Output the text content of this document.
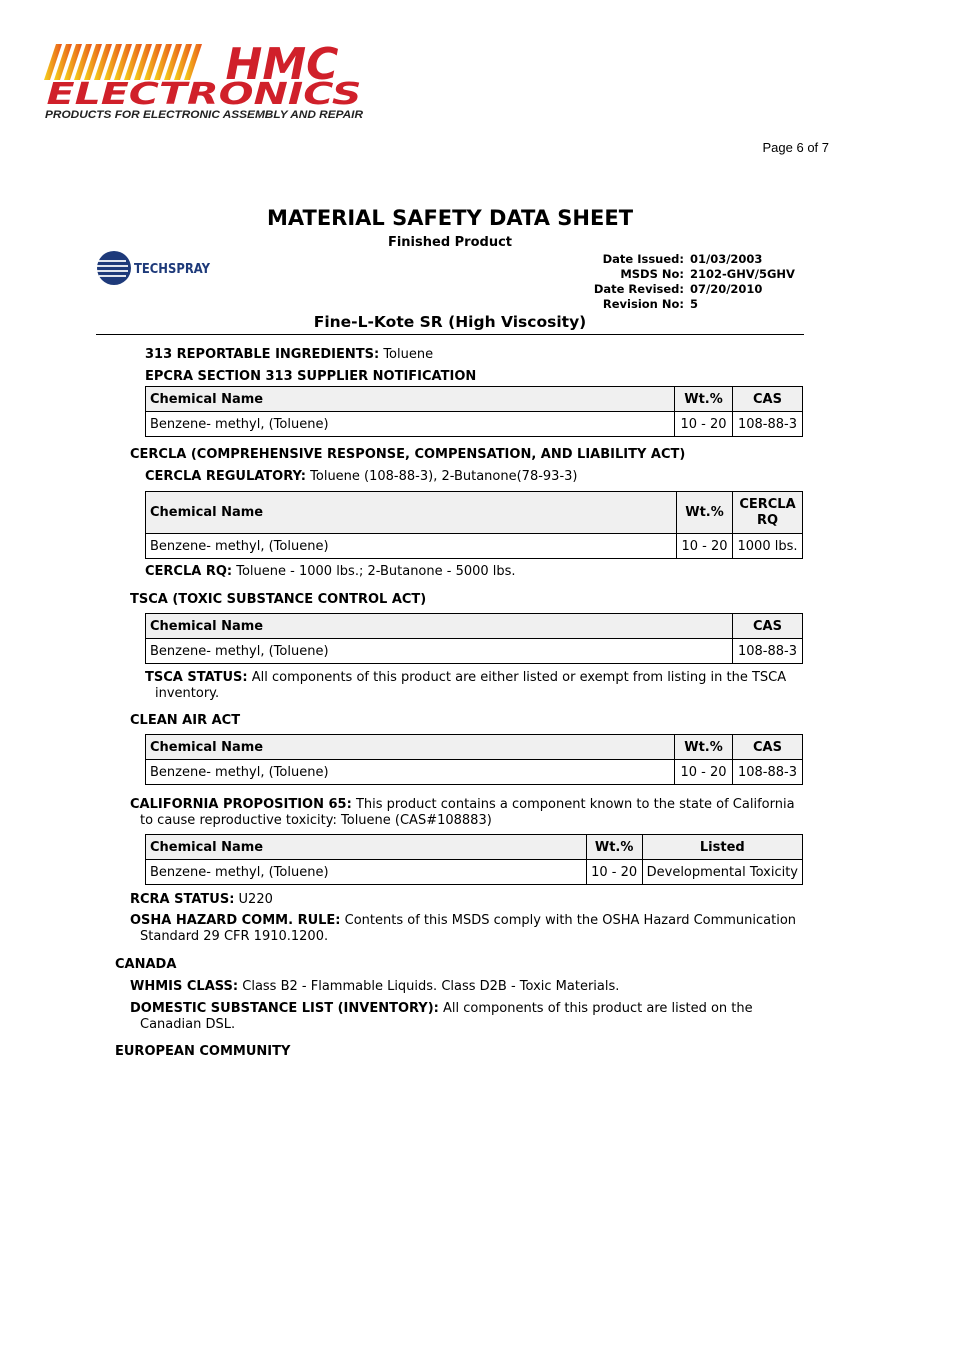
HMC
ELECTRONICS
PRODUCTS FOR ELECTRONIC ASSEMBLY AND REPAIR
Page 6 of 7
MATERIAL SAFETY DATA SHEET
Finished Product
TECHSPRAY
Date Issued: 01/03/2003
MSDS No: 2102-GHV/5GHV
Date Revised: 07/20/2010
Revision No: 5
Fine-L-Kote SR (High Viscosity)
313 REPORTABLE INGREDIENTS: Toluene
EPCRA SECTION 313 SUPPLIER NOTIFICATION
Chemical Name	Wt.%	CAS
Benzene- methyl, (Toluene)	10 - 20	108-88-3
CERCLA (COMPREHENSIVE RESPONSE, COMPENSATION, AND LIABILITY ACT)
CERCLA REGULATORY: Toluene (108-88-3), 2-Butanone(78-93-3)
Chemical Name	Wt.%	CERCLA
RQ
Benzene- methyl, (Toluene)	10 - 20	1000 lbs.
CERCLA RQ: Toluene - 1000 lbs.; 2-Butanone - 5000 lbs.
TSCA (TOXIC SUBSTANCE CONTROL ACT)
Chemical Name	CAS
Benzene- methyl, (Toluene)	108-88-3
TSCA STATUS: All components of this product are either listed or exempt from listing in the TSCA
inventory.
CLEAN AIR ACT
Chemical Name	Wt.%	CAS
Benzene- methyl, (Toluene)	10 - 20	108-88-3
CALIFORNIA PROPOSITION 65: This product contains a component known to the state of California
to cause reproductive toxicity: Toluene (CAS#108883)
Chemical Name	Wt.%	Listed
Benzene- methyl, (Toluene)	10 - 20	Developmental Toxicity
RCRA STATUS: U220
OSHA HAZARD COMM. RULE: Contents of this MSDS comply with the OSHA Hazard Communication
Standard 29 CFR 1910.1200.
CANADA
WHMIS CLASS: Class B2 - Flammable Liquids. Class D2B - Toxic Materials.
DOMESTIC SUBSTANCE LIST (INVENTORY): All components of this product are listed on the
Canadian DSL.
EUROPEAN COMMUNITY
